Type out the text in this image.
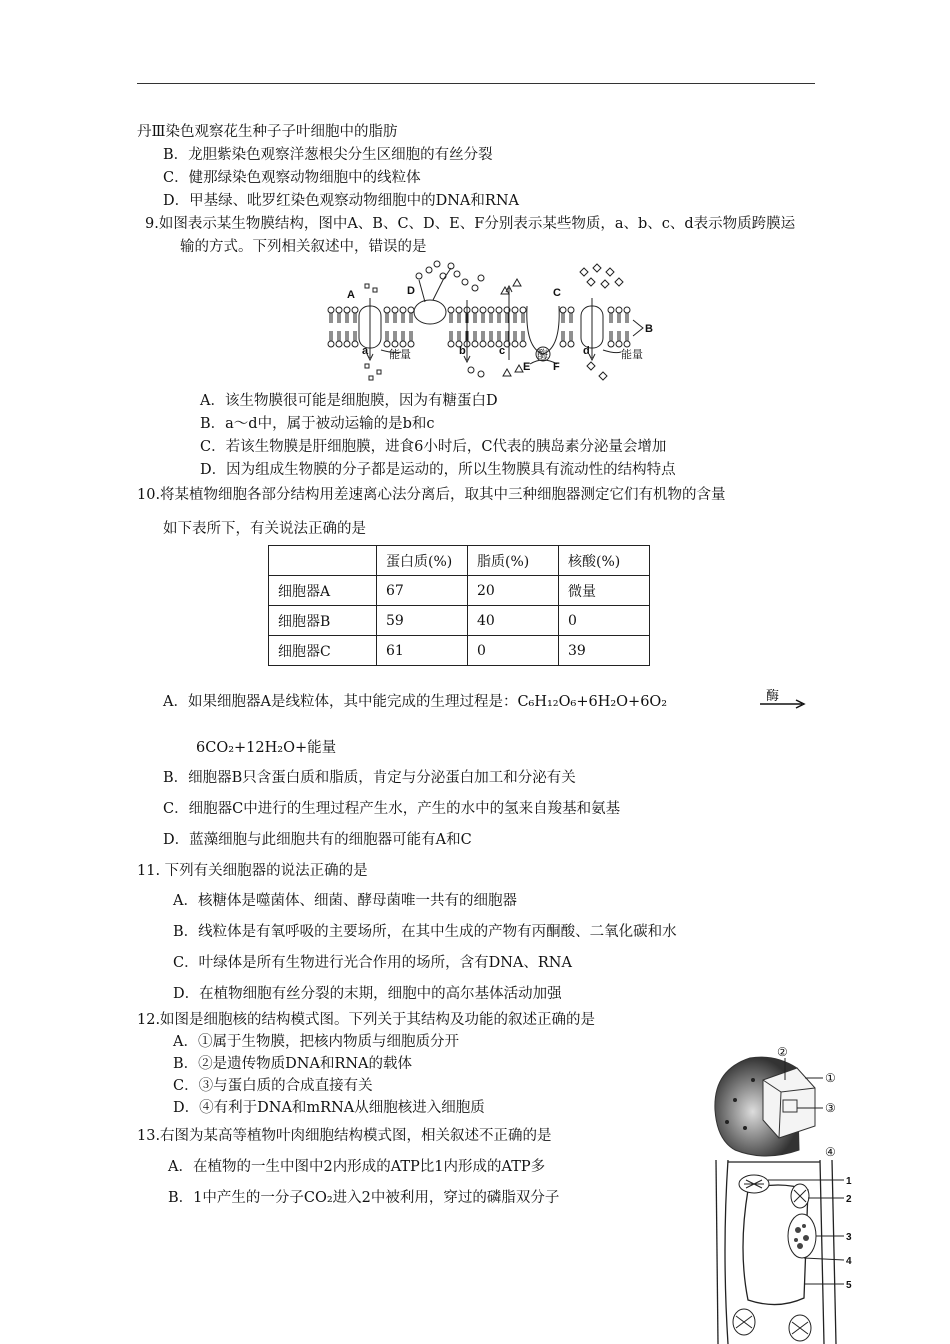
丹Ⅲ染色观察花生种子子叶细胞中的脂肪
B．龙胆紫染色观察洋葱根尖分生区细胞的有丝分裂
C．健那绿染色观察动物细胞中的线粒体
D．甲基绿、吡罗红染色观察动物细胞中的DNA和RNA
9.如图表示某生物膜结构，图中A、B、C、D、E、F分别表示某些物质，a、b、c、d表示物质跨膜运
输的方式。下列相关叙述中，错误的是
A	D	C
B
a	b	c	d
E F
酶
能量	能量
A．该生物膜很可能是细胞膜，因为有糖蛋白D
B．a～d中，属于被动运输的是b和c
C．若该生物膜是肝细胞膜，进食6小时后，C代表的胰岛素分泌量会增加
D．因为组成生物膜的分子都是运动的，所以生物膜具有流动性的结构特点
10.将某植物细胞各部分结构用差速离心法分离后，取其中三种细胞器测定它们有机物的含量
如下表所下，有关说法正确的是
	蛋白质(%)	脂质(%)	核酸(%)
细胞器A	67	20	微量
细胞器B	59	40	0
细胞器C	61	0	39
A．如果细胞器A是线粒体，其中能完成的生理过程是：C₆H₁₂O₆+6H₂O+6O₂	酶
6CO₂+12H₂O+能量
B．细胞器B只含蛋白质和脂质，肯定与分泌蛋白加工和分泌有关
C．细胞器C中进行的生理过程产生水，产生的水中的氢来自羧基和氨基
D．蓝藻细胞与此细胞共有的细胞器可能有A和C
11. 下列有关细胞器的说法正确的是
A．核糖体是噬菌体、细菌、酵母菌唯一共有的细胞器
B．线粒体是有氧呼吸的主要场所，在其中生成的产物有丙酮酸、二氧化碳和水
C．叶绿体是所有生物进行光合作用的场所，含有DNA、RNA
D．在植物细胞有丝分裂的末期，细胞中的高尔基体活动加强
12.如图是细胞核的结构模式图。下列关于其结构及功能的叙述正确的是
A．①属于生物膜，把核内物质与细胞质分开
B．②是遗传物质DNA和RNA的载体
C．③与蛋白质的合成直接有关
D．④有利于DNA和mRNA从细胞核进入细胞质
13.右图为某高等植物叶肉细胞结构模式图，相关叙述不正确的是
A．在植物的一生中图中2内形成的ATP比1内形成的ATP多
B．1中产生的一分子CO₂进入2中被利用，穿过的磷脂双分子
②
①
③
④
1
2
3
4
5
